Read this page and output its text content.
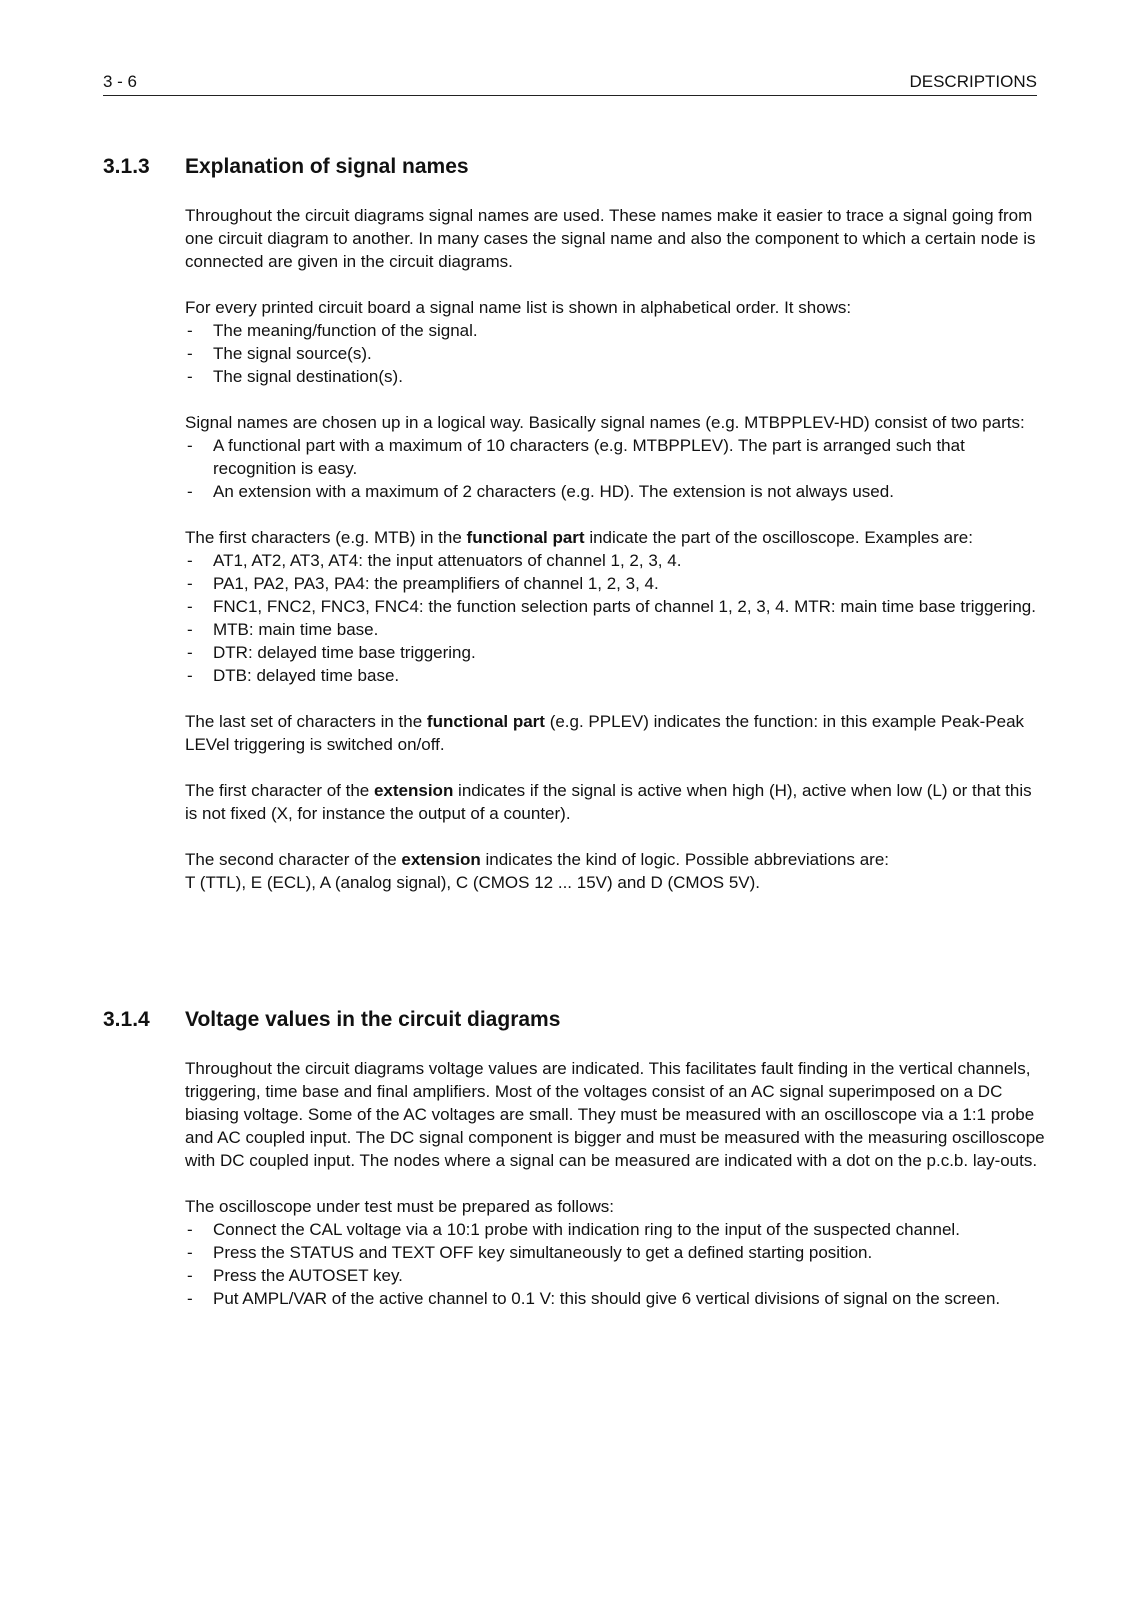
3 - 6	DESCRIPTIONS
3.1.3 Explanation of signal names

Throughout the circuit diagrams signal names are used. These names make it easier to trace a signal going from one circuit diagram to another. In many cases the signal name and also the component to which a certain node is connected are given in the circuit diagrams.

For every printed circuit board a signal name list is shown in alphabetical order. It shows:

- The meaning/function of the signal.
- The signal source(s).
- The signal destination(s).

Signal names are chosen up in a logical way. Basically signal names (e.g. MTBPPLEV-HD) consist of two parts:

- A functional part with a maximum of 10 characters (e.g. MTBPPLEV). The part is arranged such that recognition is easy.
- An extension with a maximum of 2 characters (e.g. HD). The extension is not always used.

The first characters (e.g. MTB) in the functional part indicate the part of the oscilloscope. Examples are:

- AT1, AT2, AT3, AT4: the input attenuators of channel 1, 2, 3, 4.
- PA1, PA2, PA3, PA4: the preamplifiers of channel 1, 2, 3, 4.
- FNC1, FNC2, FNC3, FNC4: the function selection parts of channel 1, 2, 3, 4. MTR: main time base triggering.
- MTB: main time base.
- DTR: delayed time base triggering.
- DTB: delayed time base.

The last set of characters in the functional part (e.g. PPLEV) indicates the function: in this example Peak-Peak LEVel triggering is switched on/off.

The first character of the extension indicates if the signal is active when high (H), active when low (L) or that this is not fixed (X, for instance the output of a counter).

The second character of the extension indicates the kind of logic. Possible abbreviations are:

T (TTL), E (ECL), A (analog signal), C (CMOS 12 ... 15V) and D (CMOS 5V).

3.1.4 Voltage values in the circuit diagrams

Throughout the circuit diagrams voltage values are indicated. This facilitates fault finding in the vertical channels, triggering, time base and final amplifiers. Most of the voltages consist of an AC signal superimposed on a DC biasing voltage. Some of the AC voltages are small. They must be measured with an oscilloscope via a 1:1 probe and AC coupled input. The DC signal component is bigger and must be measured with the measuring oscilloscope with DC coupled input. The nodes where a signal can be measured are indicated with a dot on the p.c.b. lay-outs.

The oscilloscope under test must be prepared as follows:

- Connect the CAL voltage via a 10:1 probe with indication ring to the input of the suspected channel.
- Press the STATUS and TEXT OFF key simultaneously to get a defined starting position.
- Press the AUTOSET key.
- Put AMPL/VAR of the active channel to 0.1 V: this should give 6 vertical divisions of signal on the screen.
